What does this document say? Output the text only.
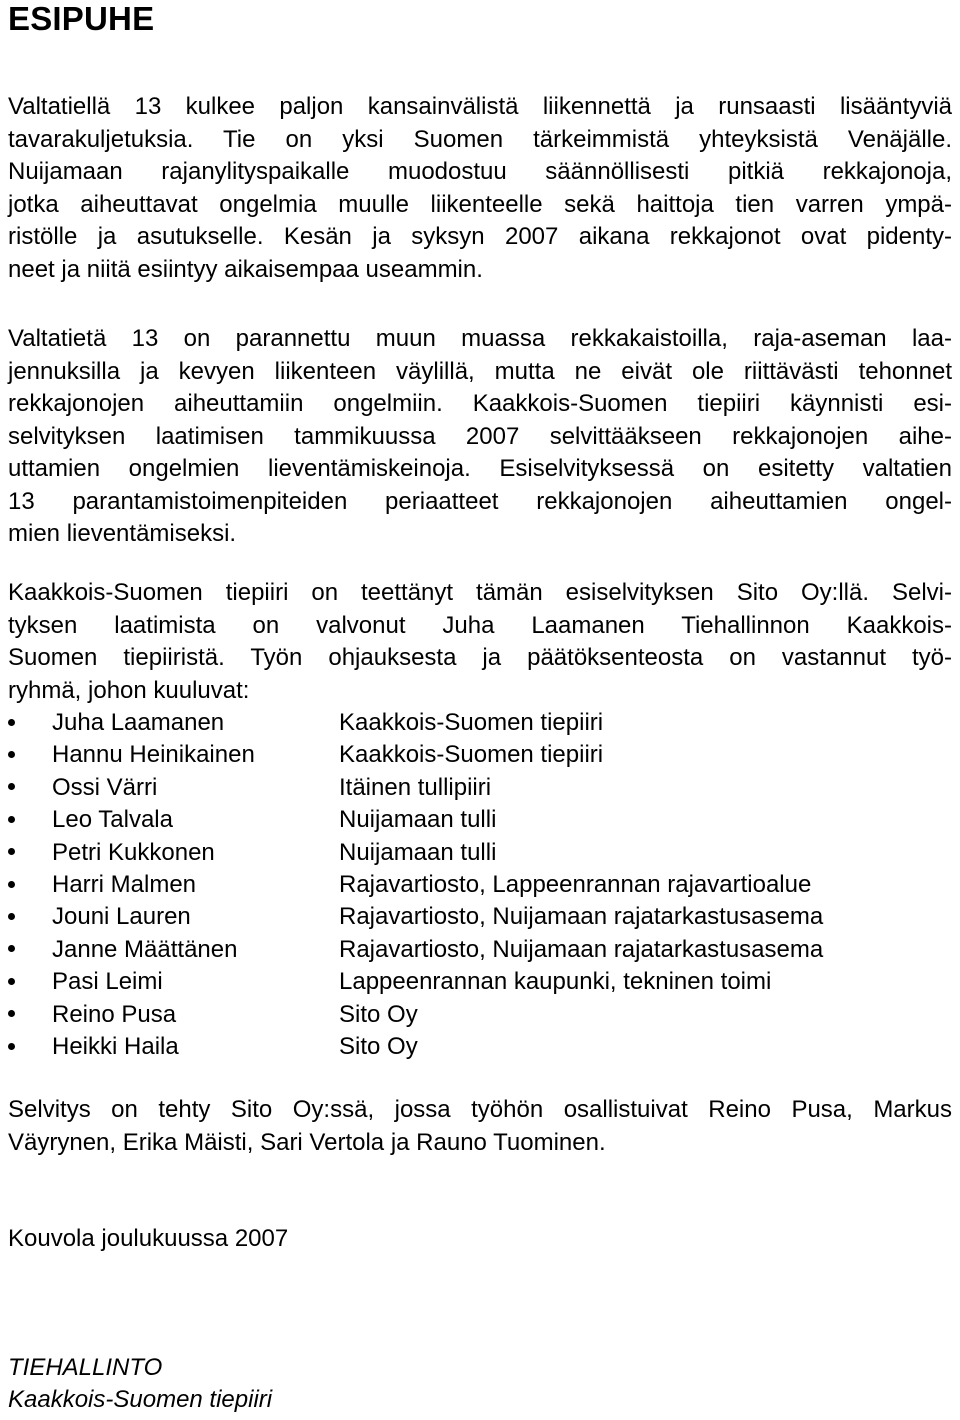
ESIPUHE
Valtatiellä 13 kulkee paljon kansainvälistä liikennettä ja runsaasti lisääntyviä
tavarakuljetuksia. Tie on yksi Suomen tärkeimmistä yhteyksistä Venäjälle.
Nuijamaan rajanylityspaikalle muodostuu säännöllisesti pitkiä rekkajonoja,
jotka aiheuttavat ongelmia muulle liikenteelle sekä haittoja tien varren ympä-
ristölle ja asutukselle. Kesän ja syksyn 2007 aikana rekkajonot ovat pidenty-
neet ja niitä esiintyy aikaisempaa useammin.
Valtatietä 13 on parannettu muun muassa rekkakaistoilla, raja-aseman laa-
jennuksilla ja kevyen liikenteen väylillä, mutta ne eivät ole riittävästi tehonnet
rekkajonojen aiheuttamiin ongelmiin. Kaakkois-Suomen tiepiiri käynnisti esi-
selvityksen laatimisen tammikuussa 2007 selvittääkseen rekkajonojen aihe-
uttamien ongelmien lieventämiskeinoja. Esiselvityksessä on esitetty valtatien
13 parantamistoimenpiteiden periaatteet rekkajonojen aiheuttamien ongel-
mien lieventämiseksi.
Kaakkois-Suomen tiepiiri on teettänyt tämän esiselvityksen Sito Oy:llä. Selvi-
tyksen laatimista on valvonut Juha Laamanen Tiehallinnon Kaakkois-
Suomen tiepiiristä. Työn ohjauksesta ja päätöksenteosta on vastannut työ-
ryhmä, johon kuuluvat:
Juha Laamanen	Kaakkois-Suomen tiepiiri
Hannu Heinikainen	Kaakkois-Suomen tiepiiri
Ossi Värri	Itäinen tullipiiri
Leo Talvala	Nuijamaan tulli
Petri Kukkonen	Nuijamaan tulli
Harri Malmen	Rajavartiosto, Lappeenrannan rajavartioalue
Jouni Lauren	Rajavartiosto, Nuijamaan rajatarkastusasema
Janne Määttänen	Rajavartiosto, Nuijamaan rajatarkastusasema
Pasi Leimi	Lappeenrannan kaupunki, tekninen toimi
Reino Pusa	Sito Oy
Heikki Haila	Sito Oy
Selvitys on tehty Sito Oy:ssä, jossa työhön osallistuivat Reino Pusa, Markus
Väyrynen, Erika Mäisti, Sari Vertola ja Rauno Tuominen.

Kouvola joulukuussa 2007

TIEHALLINTO

Kaakkois-Suomen tiepiiri
